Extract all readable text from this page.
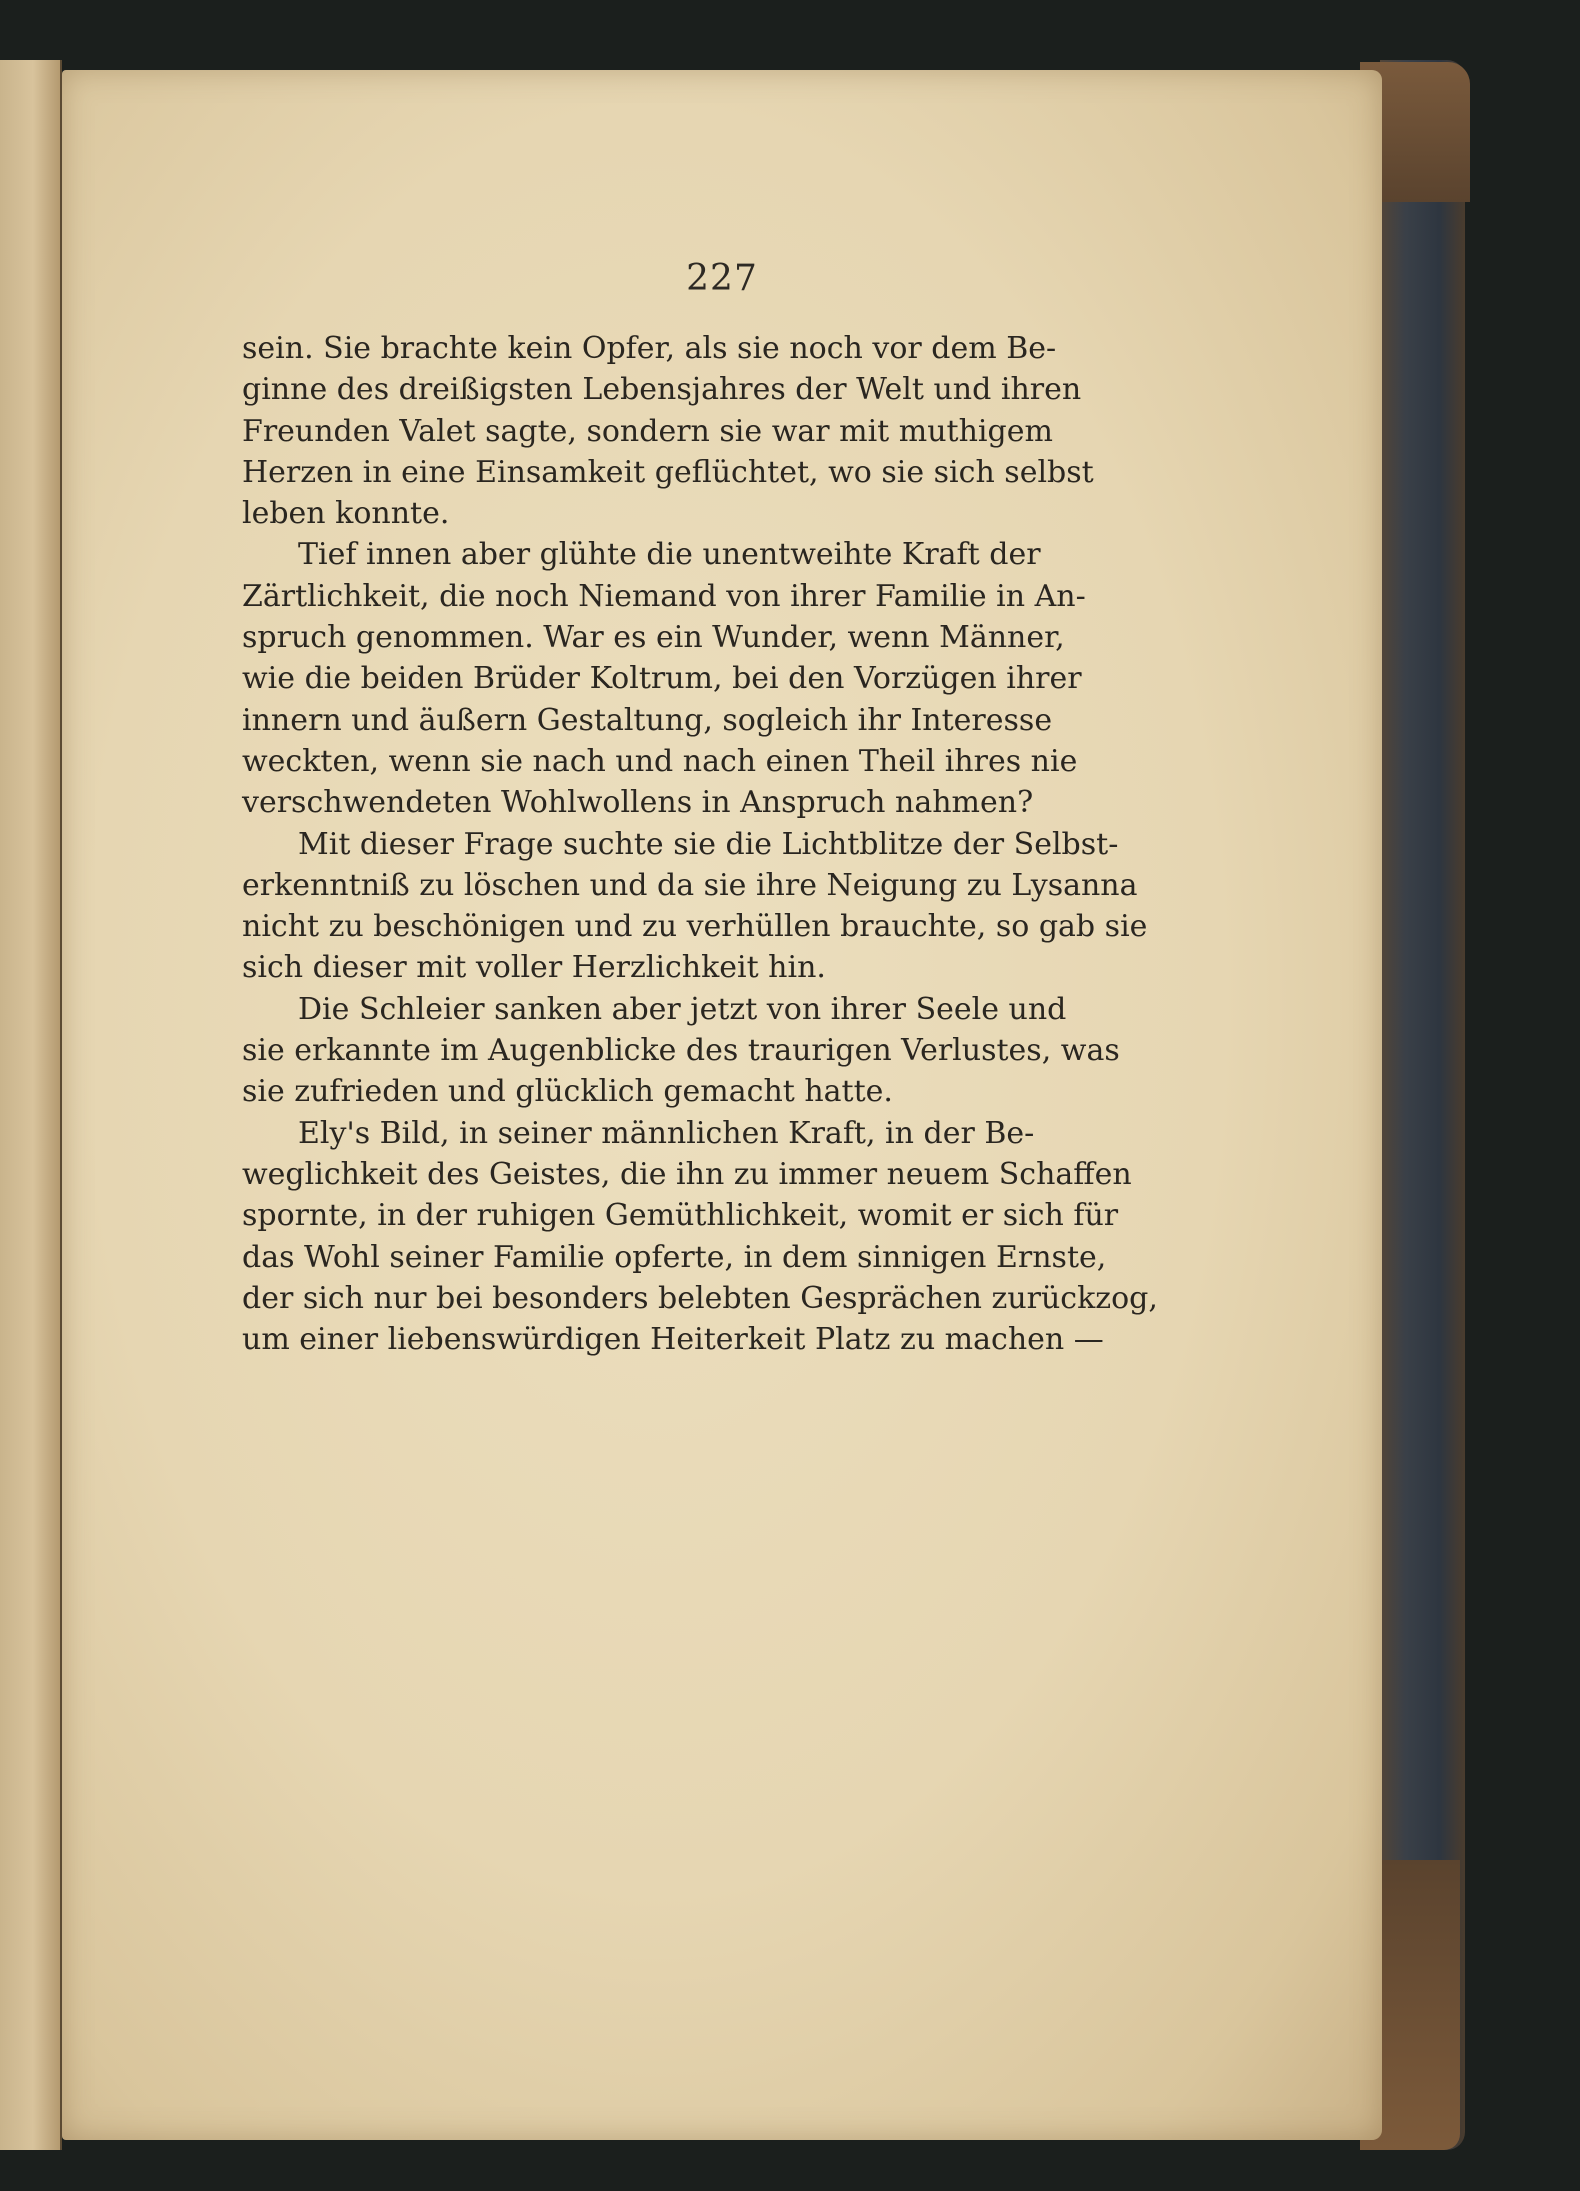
227
sein. Sie brachte kein Opfer, als sie noch vor dem Be-
ginne des dreißigsten Lebensjahres der Welt und ihren
Freunden Valet sagte, sondern sie war mit muthigem
Herzen in eine Einsamkeit geflüchtet, wo sie sich selbst
leben konnte.
Tief innen aber glühte die unentweihte Kraft der
Zärtlichkeit, die noch Niemand von ihrer Familie in An-
spruch genommen. War es ein Wunder, wenn Männer,
wie die beiden Brüder Koltrum, bei den Vorzügen ihrer
innern und äußern Gestaltung, sogleich ihr Interesse
weckten, wenn sie nach und nach einen Theil ihres nie
verschwendeten Wohlwollens in Anspruch nahmen?
Mit dieser Frage suchte sie die Lichtblitze der Selbst-
erkenntniß zu löschen und da sie ihre Neigung zu Lysanna
nicht zu beschönigen und zu verhüllen brauchte, so gab sie
sich dieser mit voller Herzlichkeit hin.
Die Schleier sanken aber jetzt von ihrer Seele und
sie erkannte im Augenblicke des traurigen Verlustes, was
sie zufrieden und glücklich gemacht hatte.
Ely's Bild, in seiner männlichen Kraft, in der Be-
weglichkeit des Geistes, die ihn zu immer neuem Schaffen
spornte, in der ruhigen Gemüthlichkeit, womit er sich für
das Wohl seiner Familie opferte, in dem sinnigen Ernste,
der sich nur bei besonders belebten Gesprächen zurückzog,
um einer liebenswürdigen Heiterkeit Platz zu machen —
